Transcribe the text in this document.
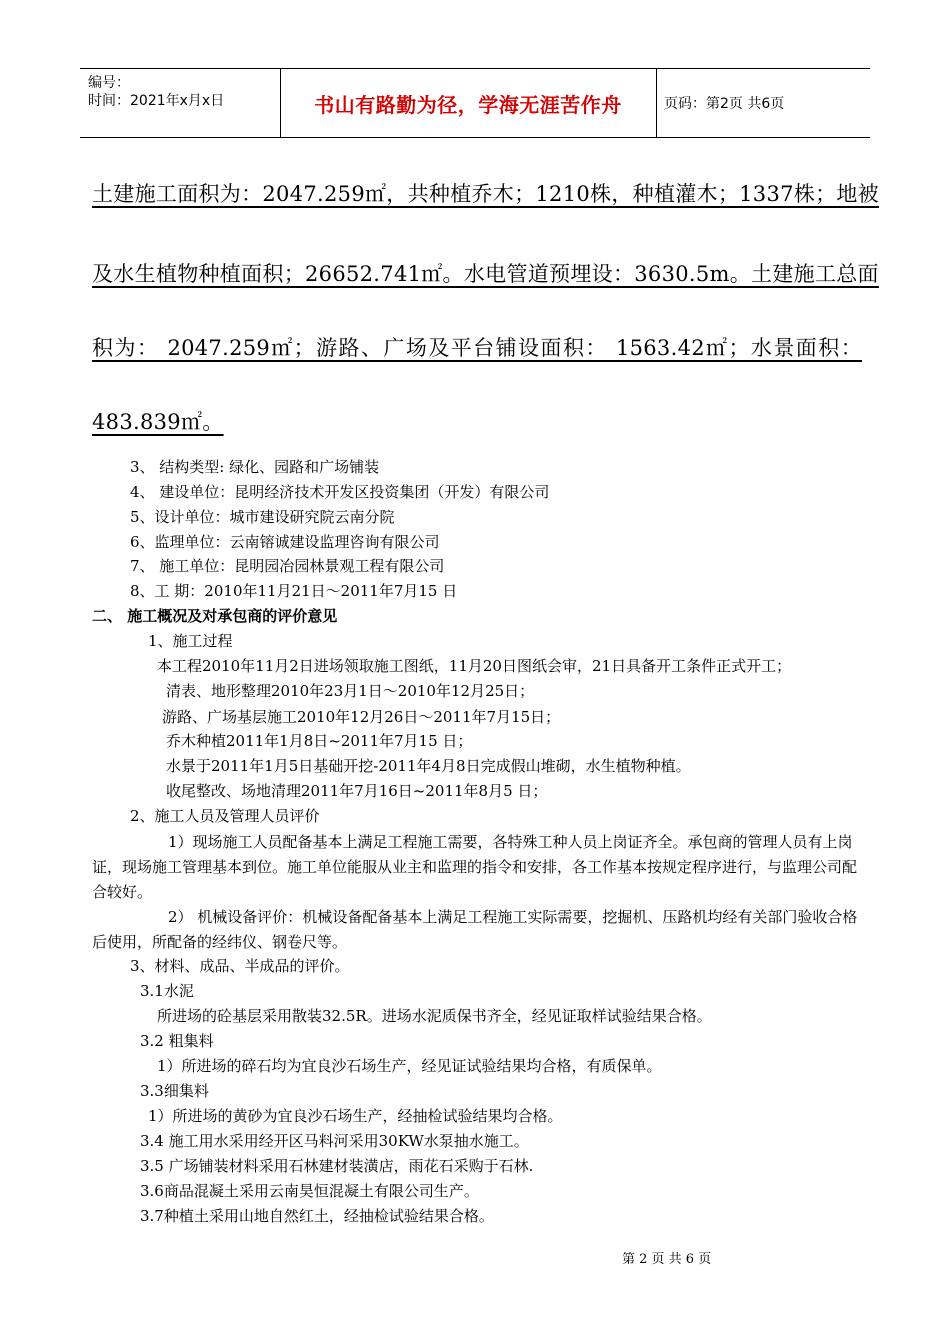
编号：
时间：2021年x月x日	书山有路勤为径，学海无涯苦作舟	页码：第2页 共6页
土建施工面积为：2047.259㎡，共种植乔木；1210株，种植灌木；1337株；地被
及水生植物种植面积；26652.741㎡。水电管道预埋设：3630.5m。土建施工总面
积为： 2047.259㎡；游路、广场及平台铺设面积： 1563.42㎡；水景面积：
483.839㎡。
3、 结构类型: 绿化、园路和广场铺装
4、 建设单位：昆明经济技术开发区投资集团（开发）有限公司
5、设计单位：城市建设研究院云南分院
6、监理单位：云南镕诚建设监理咨询有限公司
7、 施工单位：昆明园冶园林景观工程有限公司
8、工 期：2010年11月21日～2011年7月15 日
二、 施工概况及对承包商的评价意见
1、施工过程
本工程2010年11月2日进场领取施工图纸，11月20日图纸会审，21日具备开工条件正式开工；
清表、地形整理2010年23月1日～2010年12月25日；
游路、广场基层施工2010年12月26日～2011年7月15日；
乔木种植2011年1月8日~2011年7月15 日；
水景于2011年1月5日基础开挖-2011年4月8日完成假山堆砌，水生植物种植。
收尾整改、场地清理2011年7月16日~2011年8月5 日；
2、施工人员及管理人员评价
1）现场施工人员配备基本上满足工程施工需要，各特殊工种人员上岗证齐全。承包商的管理人员有上岗证，现场施工管理基本到位。施工单位能服从业主和监理的指令和安排，各工作基本按规定程序进行，与监理公司配合较好。
2） 机械设备评价：机械设备配备基本上满足工程施工实际需要，挖掘机、压路机均经有关部门验收合格后使用，所配备的经纬仪、钢卷尺等。
3、材料、成品、半成品的评价。
3.1水泥
所进场的砼基层采用散装32.5R。进场水泥质保书齐全，经见证取样试验结果合格。
3.2 粗集料
1）所进场的碎石均为宜良沙石场生产，经见证试验结果均合格，有质保单。
3.3细集料
1）所进场的黄砂为宜良沙石场生产，经抽检试验结果均合格。
3.4 施工用水采用经开区马料河采用30KW水泵抽水施工。
3.5 广场铺装材料采用石林建材装潢店，雨花石采购于石林.
3.6商品混凝土采用云南昊恒混凝土有限公司生产。
3.7种植土采用山地自然红土，经抽检试验结果合格。
第 2 页 共 6 页
